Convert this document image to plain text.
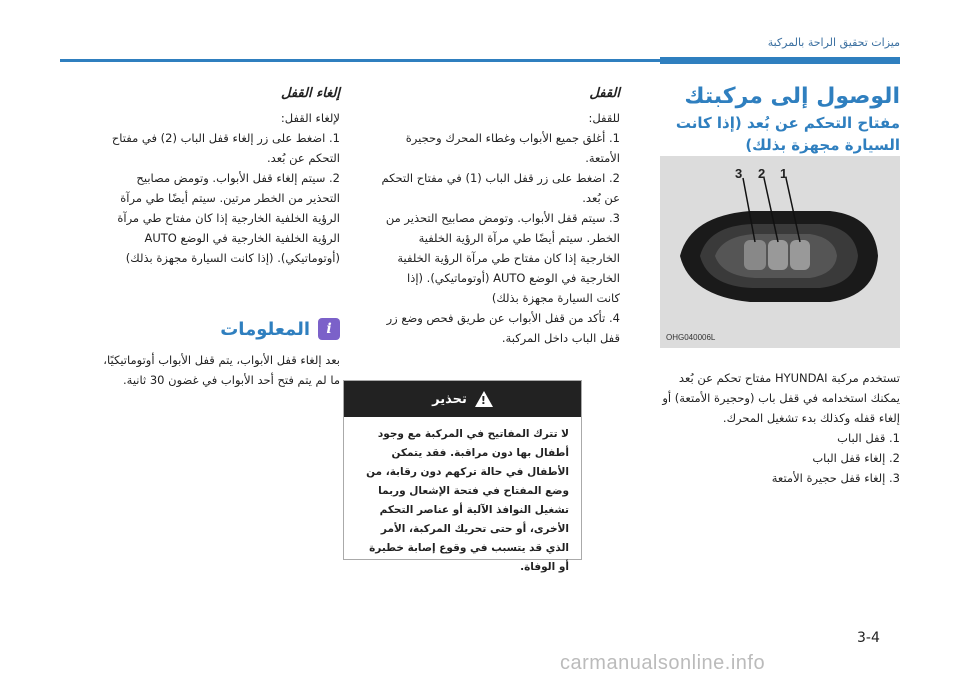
ميزات تحقيق الراحة بالمركبة
الوصول إلى مركبتك
مفتاح التحكم عن بُعد (إذا كانت السيارة مجهزة بذلك)
3 2 1
OHG040006L
تستخدم مركبة HYUNDAI مفتاح تحكم عن بُعد يمكنك استخدامه في قفل باب (وحجيرة الأمتعة) أو إلغاء قفله وكذلك بدء تشغيل المحرك.
1. قفل الباب
2. إلغاء قفل الباب
3. إلغاء قفل حجيرة الأمتعة
القفل
للقفل:
1. أغلق جميع الأبواب وغطاء المحرك وحجيرة الأمتعة.
2. اضغط على زر قفل الباب (1) في مفتاح التحكم عن بُعد.
3. سيتم قفل الأبواب. وتومض مصابيح التحذير من الخطر. سيتم أيضًا طي مرآة الرؤية الخلفية الخارجية إذا كان مفتاح طي مرآة الرؤية الخلفية الخارجية في الوضع AUTO (أوتوماتيكي). (إذا كانت السيارة مجهزة بذلك)
4. تأكد من قفل الأبواب عن طريق فحص وضع زر قفل الباب داخل المركبة.
تحذير !
لا تترك المفاتيح في المركبة مع وجود أطفال بها دون مراقبة. فقد يتمكن الأطفال في حالة تركهم دون رقابة، من وضع المفتاح في فتحة الإشعال وربما تشغيل النوافذ الآلية أو عناصر التحكم الأخرى، أو حتى تحريك المركبة، الأمر الذي قد يتسبب في وقوع إصابة خطيرة أو الوفاة.
إلغاء القفل
لإلغاء القفل:
1. اضغط على زر إلغاء قفل الباب (2) في مفتاح التحكم عن بُعد.
2. سيتم إلغاء قفل الأبواب. وتومض مصابيح التحذير من الخطر مرتين. سيتم أيضًا طي مرآة الرؤية الخلفية الخارجية إذا كان مفتاح طي مرآة الرؤية الخلفية الخارجية في الوضع AUTO (أوتوماتيكي). (إذا كانت السيارة مجهزة بذلك)
i
المعلومات
بعد إلغاء قفل الأبواب، يتم قفل الأبواب أوتوماتيكيًا، ما لم يتم فتح أحد الأبواب في غضون 30 ثانية.
3-4
carmanualsonline.info
